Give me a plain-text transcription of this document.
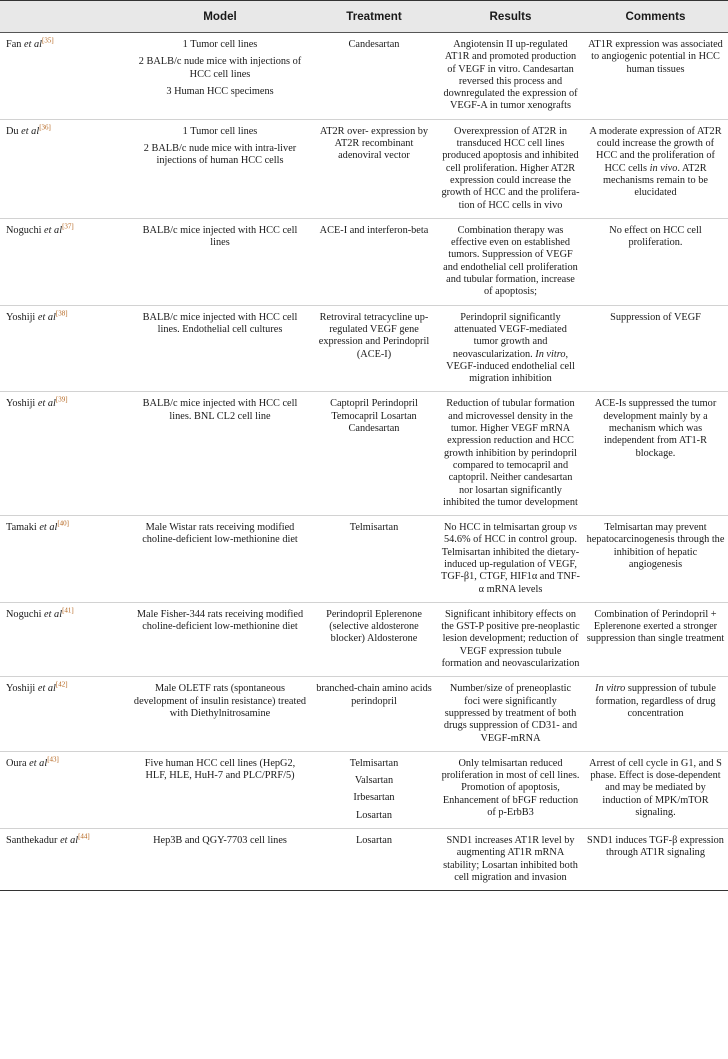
	Model	Treatment	Results	Comments
Fan et al[35]	1 Tumor cell lines
2 BALB/c nude mice with injections of HCC cell lines
3 Human HCC specimens	Candesartan	Angiotensin II up-regulated AT1R and promoted production of VEGF in vitro. Candesartan reversed this process and downregulated the expression of VEGF-A in tumor xenografts	AT1R expression was associated to angiogenic potential in HCC human tissues
Du et al[36]	1 Tumor cell lines
2 BALB/c nude mice with intra-liver injections of human HCC cells	AT2R over- expression by AT2R recombinant adenoviral vector	Overexpression of AT2R in transduced HCC cell lines produced apoptosis and inhibited cell proliferation. Higher AT2R expression could increase the growth of HCC and the prolifera-tion of HCC cells in vivo	A moderate expression of AT2R could increase the growth of HCC and the proliferation of HCC cells in vivo. AT2R mechanisms remain to be elucidated
Noguchi et al[37]	BALB/c mice injected with HCC cell lines	ACE-I and interferon-beta	Combination therapy was effective even on established tumors. Suppression of VEGF and endothelial cell proliferation and tubular formation, increase of apoptosis;	No effect on HCC cell proliferation.
Yoshiji et al[38]	BALB/c mice injected with HCC cell lines. Endothelial cell cultures	Retroviral tetracycline up-regulated VEGF gene expression and Perindopril (ACE-I)	Perindopril significantly attenuated VEGF-mediated tumor growth and neovascularization. In vitro, VEGF-induced endothelial cell migration inhibition	Suppression of VEGF
Yoshiji et al[39]	BALB/c mice injected with HCC cell lines. BNL CL2 cell line	Captopril Perindopril Temocapril Losartan Candesartan	Reduction of tubular formation and microvessel density in the tumor. Higher VEGF mRNA expression reduction and HCC growth inhibition by perindopril compared to temocapril and captopril. Neither candesartan nor losartan significantly inhibited the tumor development	ACE-Is suppressed the tumor development mainly by a mechanism which was independent from AT1-R blockage.
Tamaki et al[40]	Male Wistar rats receiving modified choline-deficient low-methionine diet	Telmisartan	No HCC in telmisartan group vs 54.6% of HCC in control group. Telmisartan inhibited the dietary-induced up-regulation of VEGF, TGF-β1, CTGF, HIF1α and TNF-α mRNA levels	Telmisartan may prevent hepatocarcinogenesis through the inhibition of hepatic angiogenesis
Noguchi et al[41]	Male Fisher-344 rats receiving modified choline-deficient low-methionine diet	Perindopril Eplerenone (selective aldosterone blocker) Aldosterone	Significant inhibitory effects on the GST-P positive pre-neoplastic lesion development; reduction of VEGF expression tubule formation and neovascularization	Combination of Perindopril + Eplerenone exerted a stronger suppression than single treatment
Yoshiji et al[42]	Male OLETF rats (spontaneous development of insulin resistance) treated with Diethylnitrosamine	branched-chain amino acids perindopril	Number/size of preneoplastic foci were significantly suppressed by treatment of both drugs suppression of CD31- and VEGF-mRNA	In vitro suppression of tubule formation, regardless of drug concentration
Oura et al[43]	Five human HCC cell lines (HepG2, HLF, HLE, HuH-7 and PLC/PRF/5)	Telmisartan
Valsartan
Irbesartan
Losartan	Only telmisartan reduced proliferation in most of cell lines. Promotion of apoptosis, Enhancement of bFGF reduction of p-ErbB3	Arrest of cell cycle in G1, and S phase. Effect is dose-dependent and may be mediated by induction of MPK/mTOR signaling.
Santhekadur et al[44]	Hep3B and QGY-7703 cell lines	Losartan	SND1 increases AT1R level by augmenting AT1R mRNA stability; Losartan inhibited both cell migration and invasion	SND1 induces TGF-β expression through AT1R signaling
